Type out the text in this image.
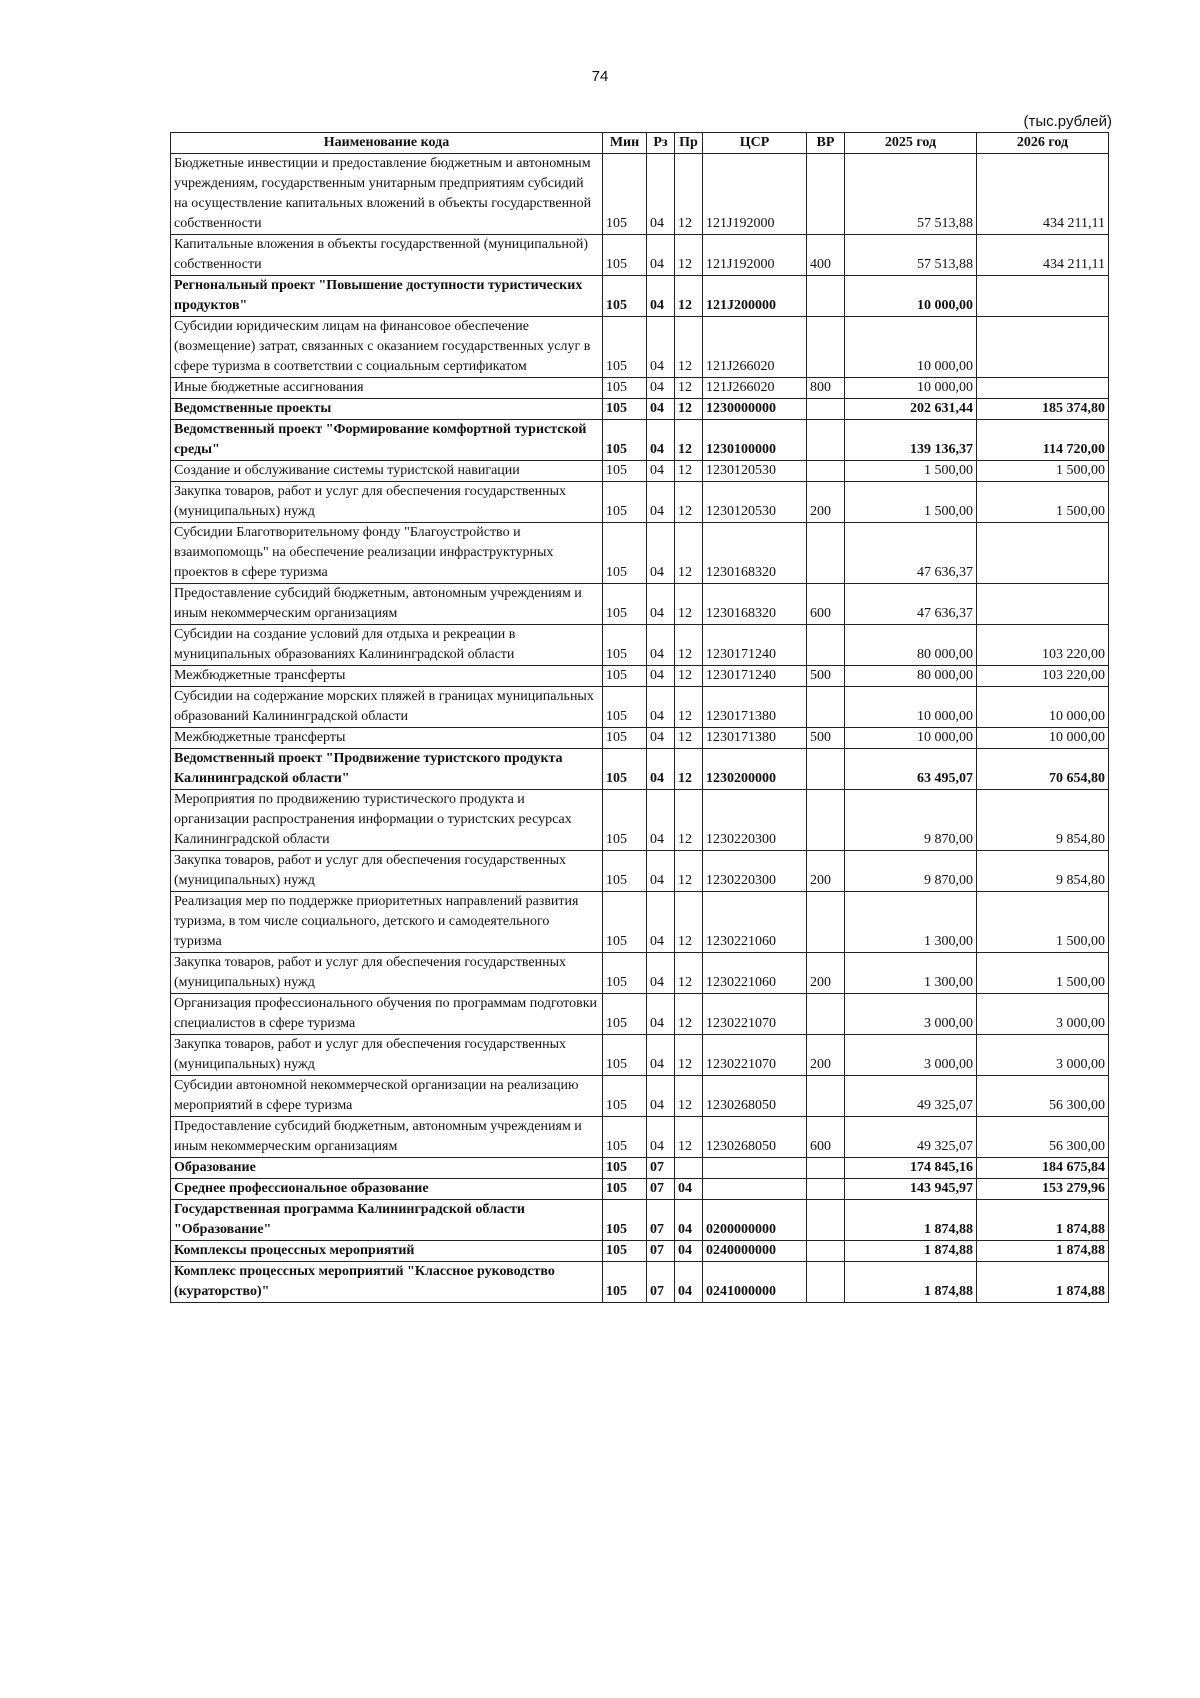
74
(тыс.рублей)
Наименование кода	Мин	Рз	Пр	ЦСР	ВР	2025 год	2026 год
Бюджетные инвестиции и предоставление бюджетным и автономным учреждениям, государственным унитарным предприятиям субсидий на осуществление капитальных вложений в объекты государственной собственности	105	04	12	121J192000		57 513,88	434 211,11
Капитальные вложения в объекты государственной (муниципальной) собственности	105	04	12	121J192000	400	57 513,88	434 211,11
Регнональный проект "Повышение доступности туристических продуктов"	105	04	12	121J200000		10 000,00	
Субсидии юридическим лицам на финансовое обеспечение (возмещение) затрат, связанных с оказанием государственных услуг в сфере туризма в соответствии с социальным сертификатом	105	04	12	121J266020		10 000,00	
Иные бюджетные ассигнования	105	04	12	121J266020	800	10 000,00	
Ведомственные проекты	105	04	12	1230000000		202 631,44	185 374,80
Ведомственный проект "Формирование комфортной туристской среды"	105	04	12	1230100000		139 136,37	114 720,00
Создание и обслуживание системы туристской навигации	105	04	12	1230120530		1 500,00	1 500,00
Закупка товаров, работ и услуг для обеспечения государственных (муниципальных) нужд	105	04	12	1230120530	200	1 500,00	1 500,00
Субсидии Благотворительному фонду "Благоустройство и взаимопомощь" на обеспечение реализации инфраструктурных проектов в сфере туризма	105	04	12	1230168320		47 636,37	
Предоставление субсидий бюджетным, автономным учреждениям и иным некоммерческим организациям	105	04	12	1230168320	600	47 636,37	
Субсидии на создание условий для отдыха и рекреации в муниципальных образованиях Калининградской области	105	04	12	1230171240		80 000,00	103 220,00
Межбюджетные трансферты	105	04	12	1230171240	500	80 000,00	103 220,00
Субсидии на содержание морских пляжей в границах муниципальных образований Калининградской области	105	04	12	1230171380		10 000,00	10 000,00
Межбюджетные трансферты	105	04	12	1230171380	500	10 000,00	10 000,00
Ведомственный проект "Продвижение туристского продукта Калининградской области"	105	04	12	1230200000		63 495,07	70 654,80
Мероприятия по продвижению туристического продукта и организации распространения информации о туристских ресурсах Калининградской области	105	04	12	1230220300		9 870,00	9 854,80
Закупка товаров, работ и услуг для обеспечения государственных (муниципальных) нужд	105	04	12	1230220300	200	9 870,00	9 854,80
Реализация мер по поддержке приоритетных направлений развития туризма, в том числе социального, детского и самодеятельного туризма	105	04	12	1230221060		1 300,00	1 500,00
Закупка товаров, работ и услуг для обеспечения государственных (муниципальных) нужд	105	04	12	1230221060	200	1 300,00	1 500,00
Организация профессионального обучения по программам подготовки специалистов в сфере туризма	105	04	12	1230221070		3 000,00	3 000,00
Закупка товаров, работ и услуг для обеспечения государственных (муниципальных) нужд	105	04	12	1230221070	200	3 000,00	3 000,00
Субсидии автономной некоммерческой организации на реализацию мероприятий в сфере туризма	105	04	12	1230268050		49 325,07	56 300,00
Предоставление субсидий бюджетным, автономным учреждениям и иным некоммерческим организациям	105	04	12	1230268050	600	49 325,07	56 300,00
Образование	105	07				174 845,16	184 675,84
Среднее профессиональное образование	105	07	04			143 945,97	153 279,96
Государственная программа Калининградской области "Образование"	105	07	04	0200000000		1 874,88	1 874,88
Комплексы процессных мероприятий	105	07	04	0240000000		1 874,88	1 874,88
Комплекс процессных мероприятий "Классное руководство (кураторство)"	105	07	04	0241000000		1 874,88	1 874,88
